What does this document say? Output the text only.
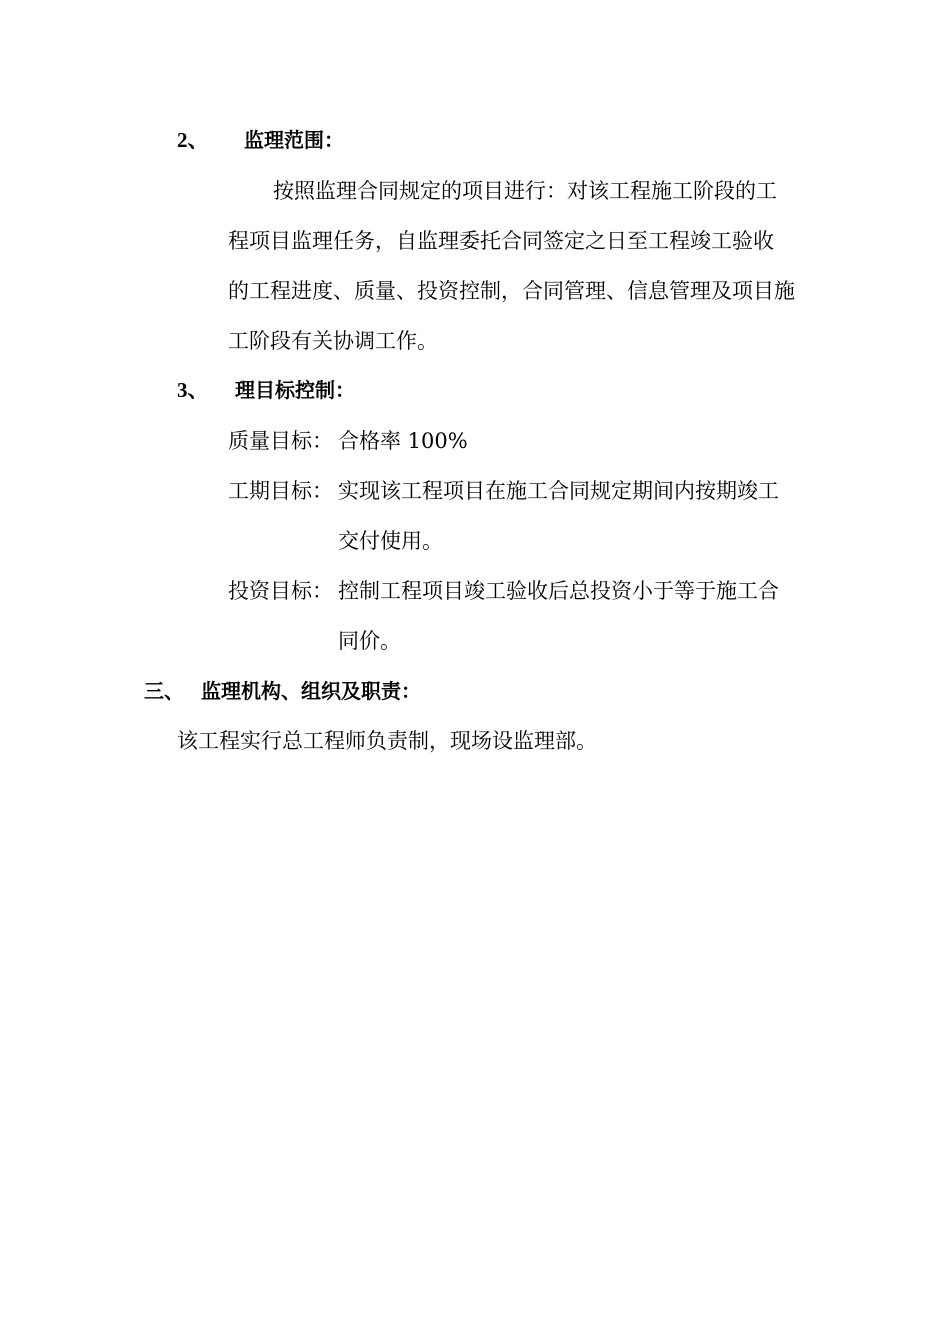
2、 监理范围：
按照监理合同规定的项目进行：对该工程施工阶段的工
程项目监理任务，自监理委托合同签定之日至工程竣工验收
的工程进度、质量、投资控制，合同管理、信息管理及项目施
工阶段有关协调工作。
3、 理目标控制：
质量目标： 合格率 100%
工期目标： 实现该工程项目在施工合同规定期间内按期竣工
交付使用。
投资目标： 控制工程项目竣工验收后总投资小于等于施工合
同价。
三、 监理机构、组织及职责：
该工程实行总工程师负责制，现场设监理部。
